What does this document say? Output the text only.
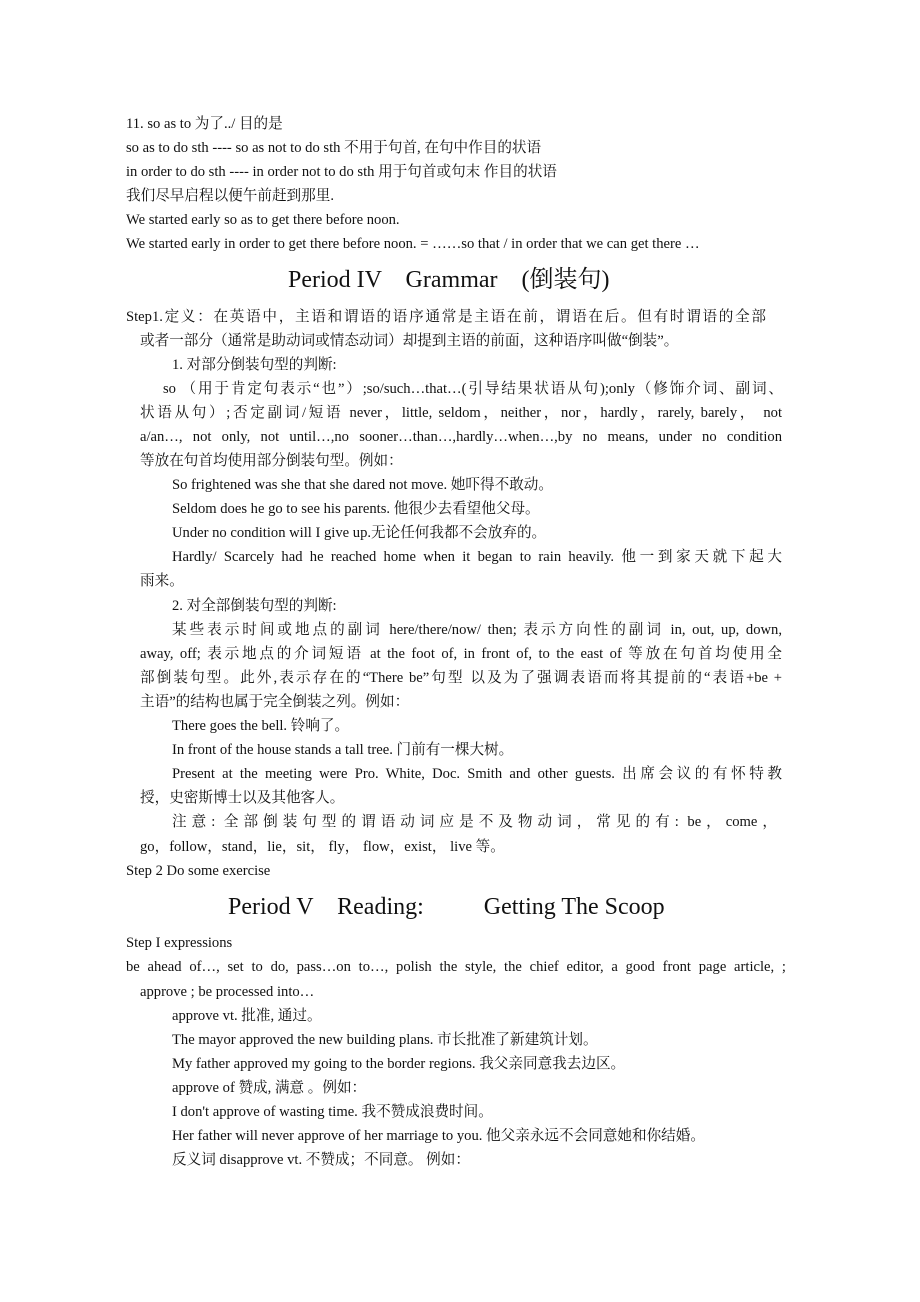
11. so as to 为了../ 目的是
so as to do sth ---- so as not to do sth 不用于句首, 在句中作目的状语
in order to do sth ---- in order not to do sth 用于句首或句末 作目的状语
我们尽早启程以便午前赶到那里.
We started early so as to get there before noon.
We started early in order to get there before noon. = ……so that / in order that we can get there …
Period IV    Grammar    (倒装句)
Step1.定义：在英语中，主语和谓语的语序通常是主语在前，谓语在后。但有时谓语的全部
或者一部分（通常是助动词或情态动词）却提到主语的前面，这种语序叫做“倒装”。
1. 对部分倒装句型的判断:
so （用于肯定句表示“也”）;so/such…that…(引导结果状语从句);only（修饰介词、副词、
状语从句）;否定副词/短语 never，little, seldom，neither，nor，hardly，rarely, barely， not
a/an…, not only, not until…,no sooner…than…,hardly…when…,by no means, under no condition
等放在句首均使用部分倒装句型。例如：
So frightened was she that she dared not move. 她吓得不敢动。
Seldom does he go to see his parents. 他很少去看望他父母。
Under no condition will I give up.无论任何我都不会放弃的。
Hardly/ Scarcely had he reached home when it began to rain heavily. 他一到家天就下起大
雨来。
2. 对全部倒装句型的判断:
某些表示时间或地点的副词 here/there/now/ then; 表示方向性的副词 in, out, up, down,
away, off; 表示地点的介词短语 at the foot of, in front of, to the east of 等放在句首均使用全
部倒装句型。此外,表示存在的“There be”句型 以及为了强调表语而将其提前的“表语+be +
主语”的结构也属于完全倒装之列。例如：
There goes the bell. 铃响了。
In front of the house stands a tall tree. 门前有一棵大树。
Present at the meeting were Pro. White, Doc. Smith and other guests. 出席会议的有怀特教
授，史密斯博士以及其他客人。
注意: 全部倒装句型的谓语动词应是不及物动词，常见的有: be，come，
go，follow，stand，lie，sit， fly， flow，exist， live 等。
Step 2 Do some exercise
Period V    Reading:          Getting The Scoop
Step I expressions
be ahead of…, set to do, pass…on to…, polish the style, the chief editor, a good front page article, ;
approve ; be processed into…
approve vt. 批准, 通过。
The mayor approved the new building plans. 市长批准了新建筑计划。
My father approved my going to the border regions. 我父亲同意我去边区。
approve of 赞成, 满意 。例如：
I don't approve of wasting time. 我不赞成浪费时间。
Her father will never approve of her marriage to you. 他父亲永远不会同意她和你结婚。
反义词 disapprove vt. 不赞成；不同意。 例如：
